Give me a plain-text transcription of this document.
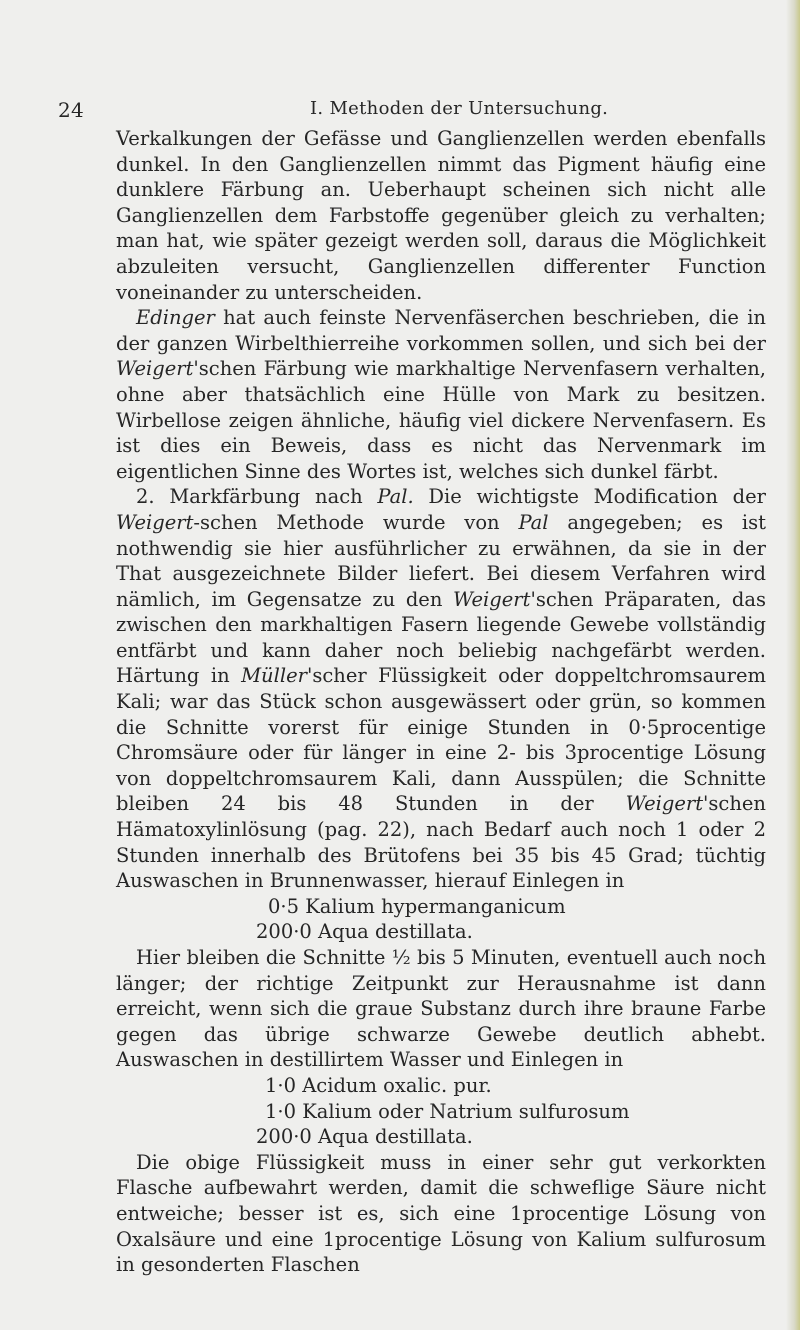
24	I. Methoden der Untersuchung.

Verkalkungen der Gefässe und Ganglienzellen werden ebenfalls dunkel. In den Ganglienzellen nimmt das Pigment häufig eine dunklere Färbung an. Ueberhaupt scheinen sich nicht alle Ganglienzellen dem Farbstoffe gegenüber gleich zu verhalten; man hat, wie später gezeigt werden soll, daraus die Möglichkeit abzuleiten versucht, Ganglienzellen differenter Function voneinander zu unterscheiden.

Edinger hat auch feinste Nervenfäserchen beschrieben, die in der ganzen Wirbelthierreihe vorkommen sollen, und sich bei der Weigert'schen Färbung wie markhaltige Nervenfasern verhalten, ohne aber thatsächlich eine Hülle von Mark zu besitzen. Wirbellose zeigen ähnliche, häufig viel dickere Nervenfasern. Es ist dies ein Beweis, dass es nicht das Nervenmark im eigentlichen Sinne des Wortes ist, welches sich dunkel färbt.

2. Markfärbung nach Pal. Die wichtigste Modification der Weigert-schen Methode wurde von Pal angegeben; es ist nothwendig sie hier ausführlicher zu erwähnen, da sie in der That ausgezeichnete Bilder liefert. Bei diesem Verfahren wird nämlich, im Gegensatze zu den Weigert'schen Präparaten, das zwischen den markhaltigen Fasern liegende Gewebe vollständig entfärbt und kann daher noch beliebig nachgefärbt werden. Härtung in Müller'scher Flüssigkeit oder doppeltchromsaurem Kali; war das Stück schon ausgewässert oder grün, so kommen die Schnitte vorerst für einige Stunden in 0·5procentige Chromsäure oder für länger in eine 2- bis 3procentige Lösung von doppeltchromsaurem Kali, dann Ausspülen; die Schnitte bleiben 24 bis 48 Stunden in der Weigert'schen Hämatoxylinlösung (pag. 22), nach Bedarf auch noch 1 oder 2 Stunden innerhalb des Brütofens bei 35 bis 45 Grad; tüchtig Auswaschen in Brunnenwasser, hierauf Einlegen in

0·5 Kalium hypermanganicum
200·0 Aqua destillata.

Hier bleiben die Schnitte ½ bis 5 Minuten, eventuell auch noch länger; der richtige Zeitpunkt zur Herausnahme ist dann erreicht, wenn sich die graue Substanz durch ihre braune Farbe gegen das übrige schwarze Gewebe deutlich abhebt. Auswaschen in destillirtem Wasser und Einlegen in

1·0 Acidum oxalic. pur.
1·0 Kalium oder Natrium sulfurosum
200·0 Aqua destillata.

Die obige Flüssigkeit muss in einer sehr gut verkorkten Flasche aufbewahrt werden, damit die schweflige Säure nicht entweiche; besser ist es, sich eine 1procentige Lösung von Oxalsäure und eine 1procentige Lösung von Kalium sulfurosum in gesonderten Flaschen
